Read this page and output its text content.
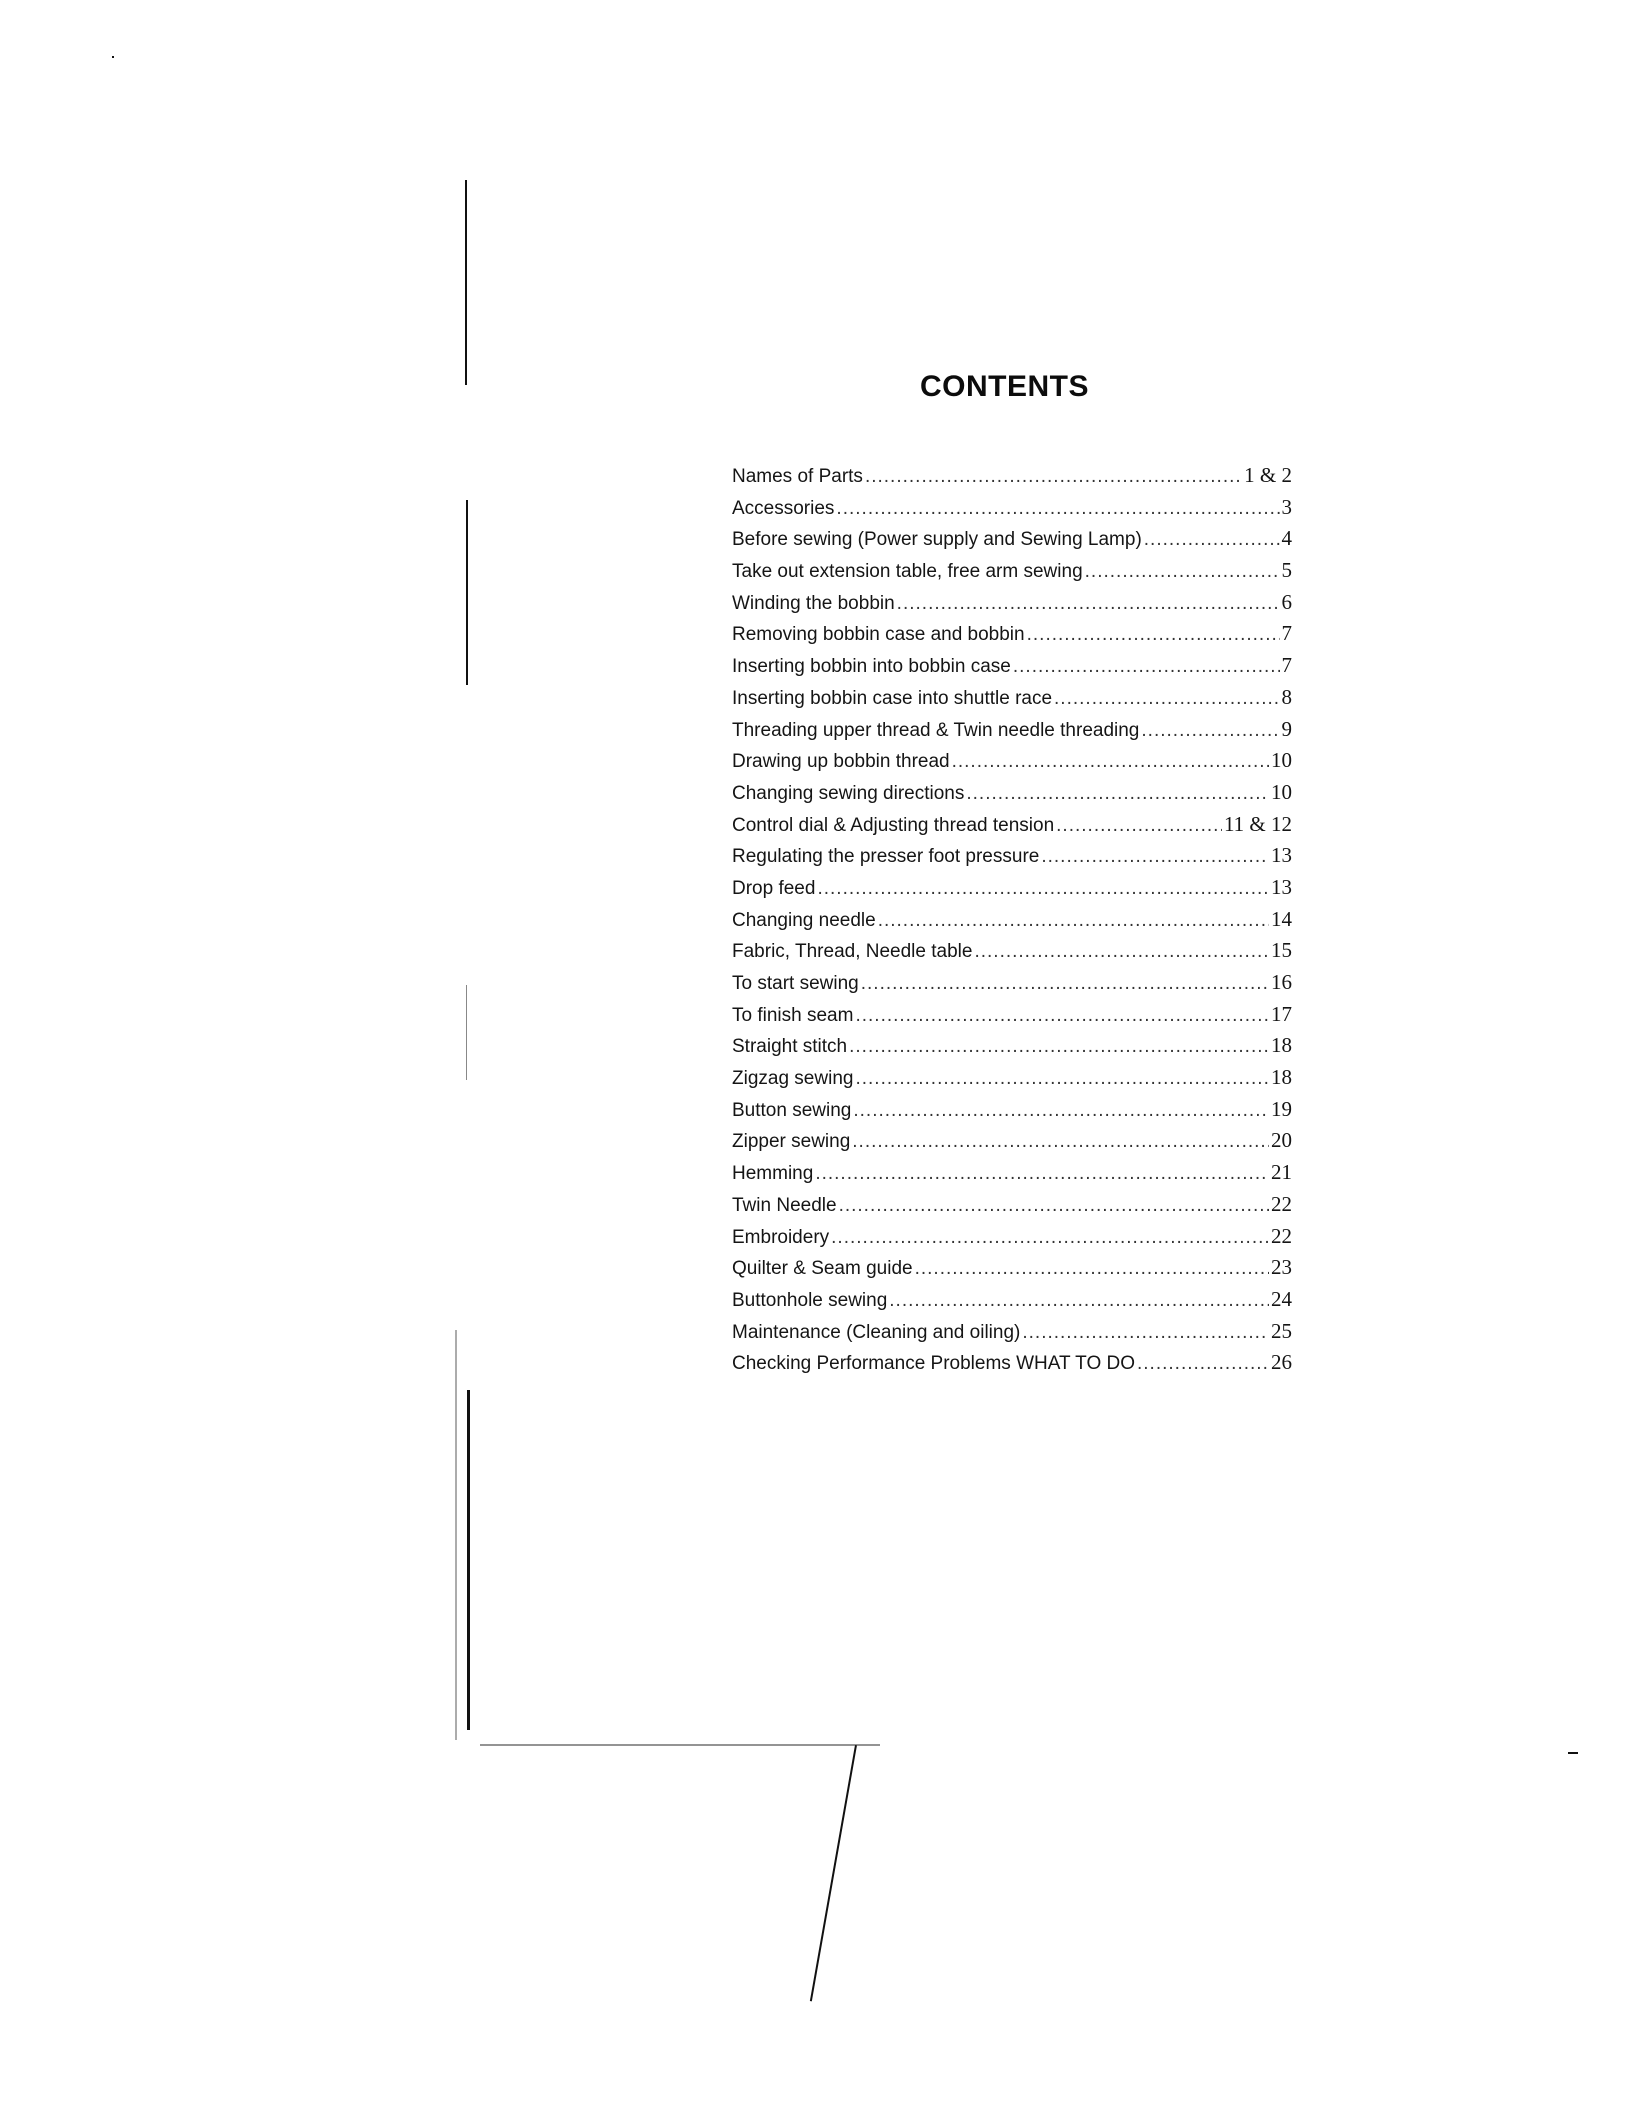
CONTENTS
Names of Parts .....	1 & 2
Accessories .....	3
Before sewing (Power supply and Sewing Lamp) .....	4
Take out extension table, free arm sewing .....	5
Winding the bobbin .....	6
Removing bobbin case and bobbin .....	7
Inserting bobbin into bobbin case .....	7
Inserting bobbin case into shuttle race .....	8
Threading upper thread & Twin needle threading .....	9
Drawing up bobbin thread .....	10
Changing sewing directions .....	10
Control dial & Adjusting thread tension .....	11 & 12
Regulating the presser foot pressure .....	13
Drop feed .....	13
Changing needle .....	14
Fabric, Thread, Needle table .....	15
To start sewing .....	16
To finish seam .....	17
Straight stitch .....	18
Zigzag sewing .....	18
Button sewing .....	19
Zipper sewing .....	20
Hemming .....	21
Twin Needle .....	22
Embroidery .....	22
Quilter & Seam guide .....	23
Buttonhole sewing .....	24
Maintenance (Cleaning and oiling) .....	25
Checking Performance Problems WHAT TO DO .....	26
